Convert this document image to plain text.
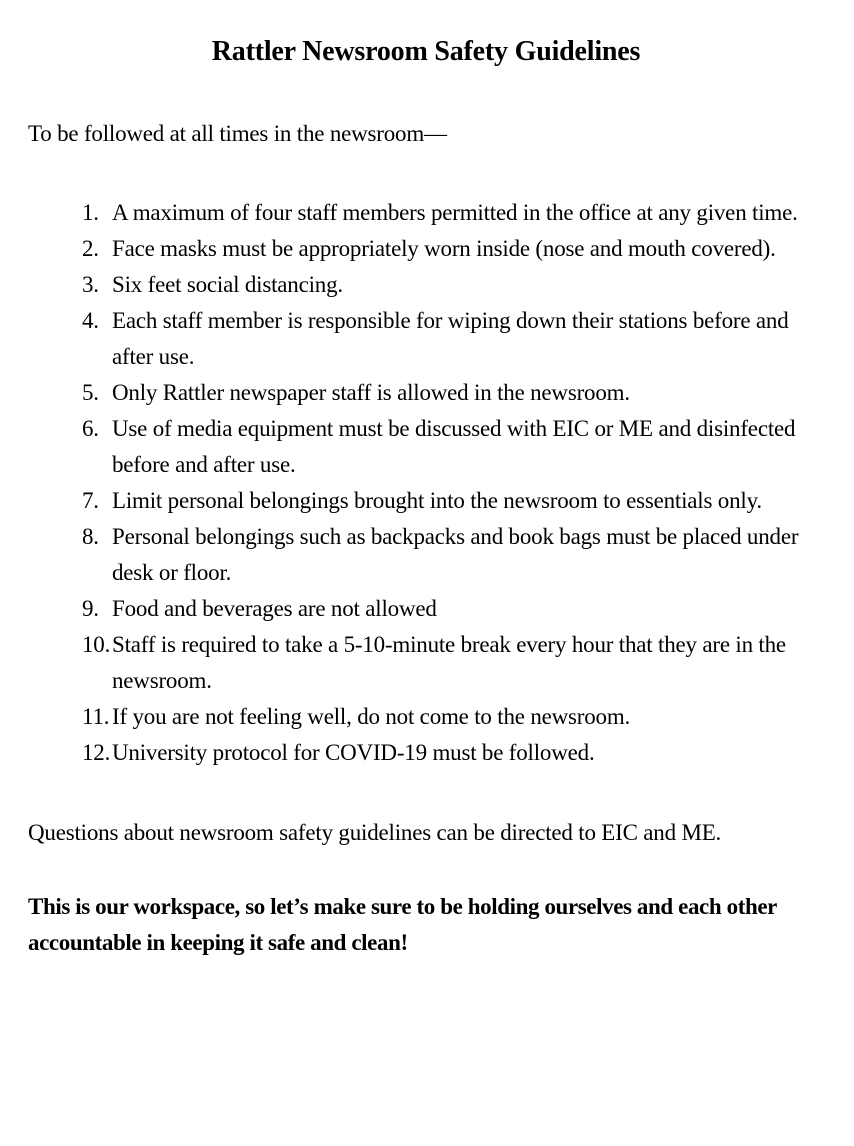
Rattler Newsroom Safety Guidelines

To be followed at all times in the newsroom—

1. A maximum of four staff members permitted in the office at any given time.
2. Face masks must be appropriately worn inside (nose and mouth covered).
3. Six feet social distancing.
4. Each staff member is responsible for wiping down their stations before and after use.
5. Only Rattler newspaper staff is allowed in the newsroom.
6. Use of media equipment must be discussed with EIC or ME and disinfected before and after use.
7. Limit personal belongings brought into the newsroom to essentials only.
8. Personal belongings such as backpacks and book bags must be placed under desk or floor.
9. Food and beverages are not allowed
10. Staff is required to take a 5-10-minute break every hour that they are in the newsroom.
11. If you are not feeling well, do not come to the newsroom.
12. University protocol for COVID-19 must be followed.

Questions about newsroom safety guidelines can be directed to EIC and ME.

This is our workspace, so let’s make sure to be holding ourselves and each other accountable in keeping it safe and clean!
